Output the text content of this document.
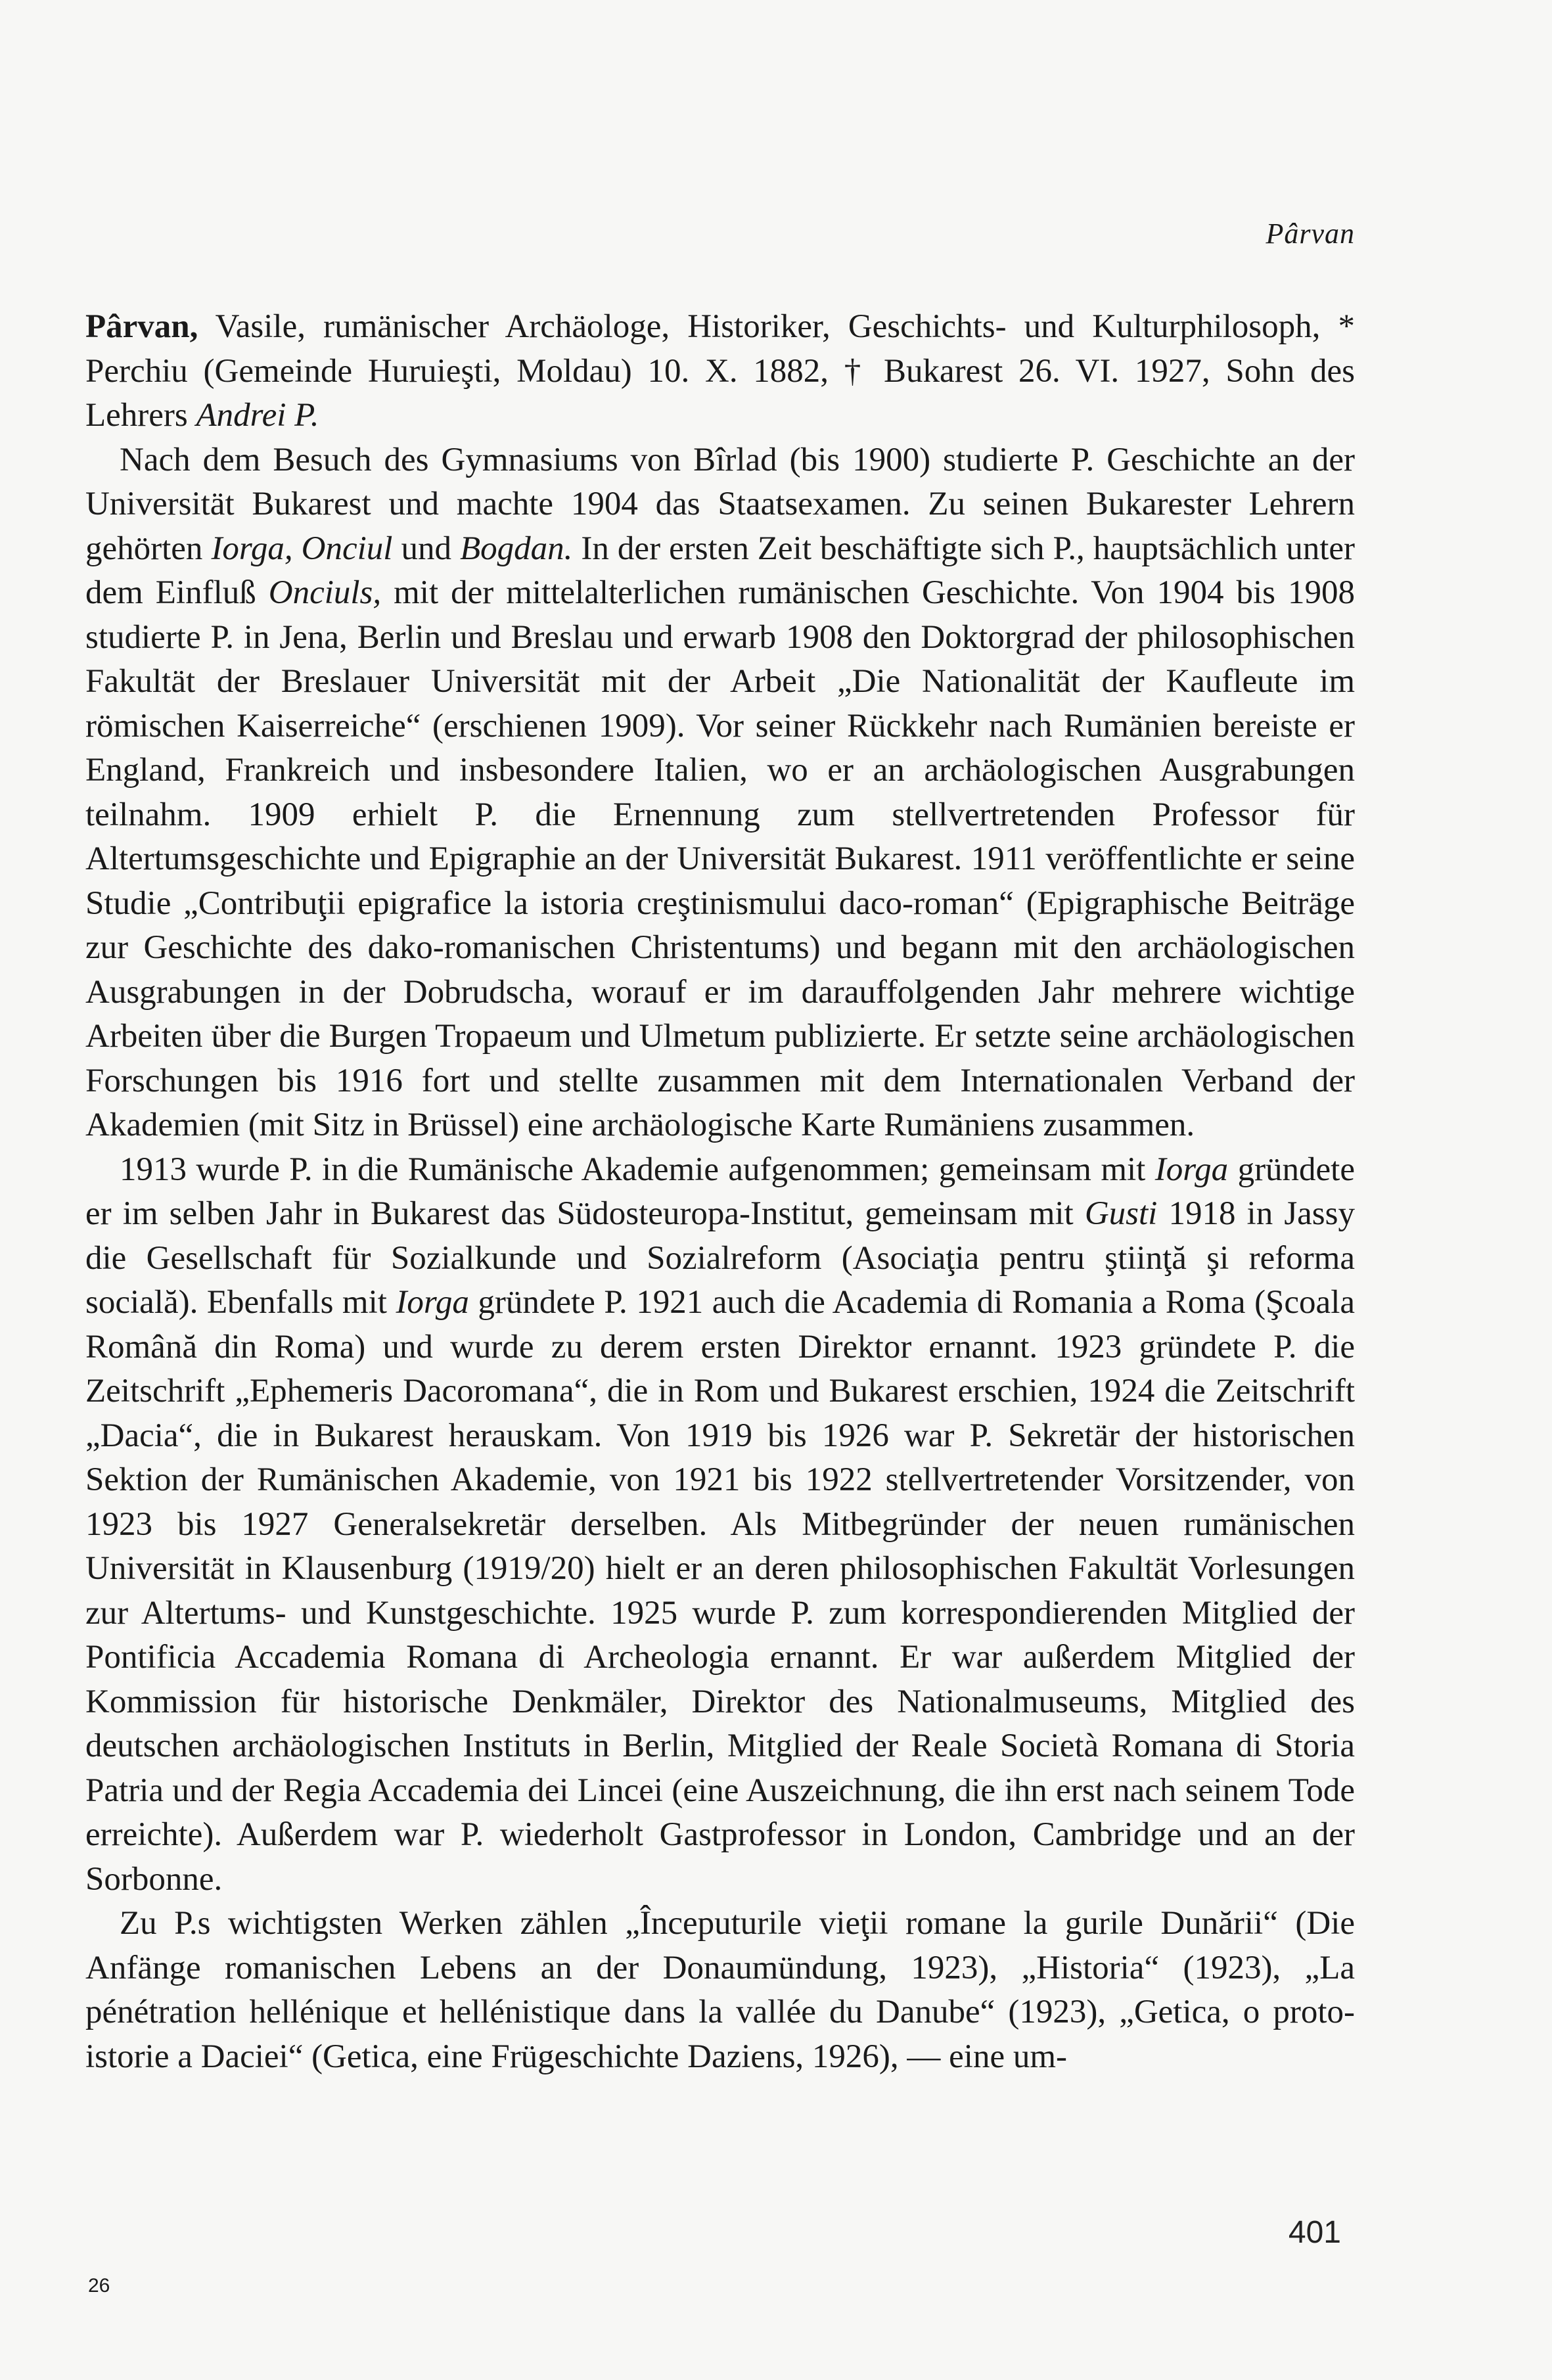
Pârvan

Pârvan, Vasile, rumänischer Archäologe, Historiker, Geschichts- und Kulturphilosoph, * Perchiu (Gemeinde Huruieşti, Moldau) 10. X. 1882, † Bukarest 26. VI. 1927, Sohn des Lehrers Andrei P.

Nach dem Besuch des Gymnasiums von Bîrlad (bis 1900) studierte P. Geschichte an der Universität Bukarest und machte 1904 das Staatsexamen. Zu seinen Bukarester Lehrern gehörten Iorga, Onciul und Bogdan. In der ersten Zeit beschäftigte sich P., hauptsächlich unter dem Einfluß Onciuls, mit der mittelalterlichen rumänischen Geschichte. Von 1904 bis 1908 studierte P. in Jena, Berlin und Breslau und erwarb 1908 den Doktorgrad der philosophischen Fakultät der Breslauer Universität mit der Arbeit „Die Nationalität der Kaufleute im römischen Kaiserreiche“ (erschienen 1909). Vor seiner Rückkehr nach Rumänien bereiste er England, Frankreich und insbesondere Italien, wo er an archäologischen Ausgrabungen teilnahm. 1909 erhielt P. die Ernennung zum stellvertretenden Professor für Altertumsgeschichte und Epigraphie an der Universität Bukarest. 1911 veröffentlichte er seine Studie „Contribuţii epigrafice la istoria creştinismului daco-roman“ (Epigraphische Beiträge zur Geschichte des dako-romanischen Christentums) und begann mit den archäologischen Ausgrabungen in der Dobrudscha, worauf er im darauffolgenden Jahr mehrere wichtige Arbeiten über die Burgen Tropaeum und Ulmetum publizierte. Er setzte seine archäologischen Forschungen bis 1916 fort und stellte zusammen mit dem Internationalen Verband der Akademien (mit Sitz in Brüssel) eine archäologische Karte Rumäniens zusammen.

1913 wurde P. in die Rumänische Akademie aufgenommen; gemeinsam mit Iorga gründete er im selben Jahr in Bukarest das Südosteuropa-Institut, gemeinsam mit Gusti 1918 in Jassy die Gesellschaft für Sozialkunde und Sozialreform (Asociaţia pentru ştiinţă şi reforma socială). Ebenfalls mit Iorga gründete P. 1921 auch die Academia di Romania a Roma (Şcoala Română din Roma) und wurde zu derem ersten Direktor ernannt. 1923 gründete P. die Zeitschrift „Ephemeris Dacoromana“, die in Rom und Bukarest erschien, 1924 die Zeitschrift „Dacia“, die in Bukarest herauskam. Von 1919 bis 1926 war P. Sekretär der historischen Sektion der Rumänischen Akademie, von 1921 bis 1922 stellvertretender Vorsitzender, von 1923 bis 1927 Generalsekretär derselben. Als Mitbegründer der neuen rumänischen Universität in Klausenburg (1919/20) hielt er an deren philosophischen Fakultät Vorlesungen zur Altertums- und Kunstgeschichte. 1925 wurde P. zum korrespondierenden Mitglied der Pontificia Accademia Romana di Archeologia ernannt. Er war außerdem Mitglied der Kommission für historische Denkmäler, Direktor des Nationalmuseums, Mitglied des deutschen archäologischen Instituts in Berlin, Mitglied der Reale Società Romana di Storia Patria und der Regia Accademia dei Lincei (eine Auszeichnung, die ihn erst nach seinem Tode erreichte). Außerdem war P. wiederholt Gastprofessor in London, Cambridge und an der Sorbonne.

Zu P.s wichtigsten Werken zählen „Începuturile vieţii romane la gurile Dunării“ (Die Anfänge romanischen Lebens an der Donaumündung, 1923), „Historia“ (1923), „La pénétration hellénique et hellénistique dans la vallée du Danube“ (1923), „Getica, o proto-istorie a Daciei“ (Getica, eine Frügeschichte Daziens, 1926), — eine um-

401
26
